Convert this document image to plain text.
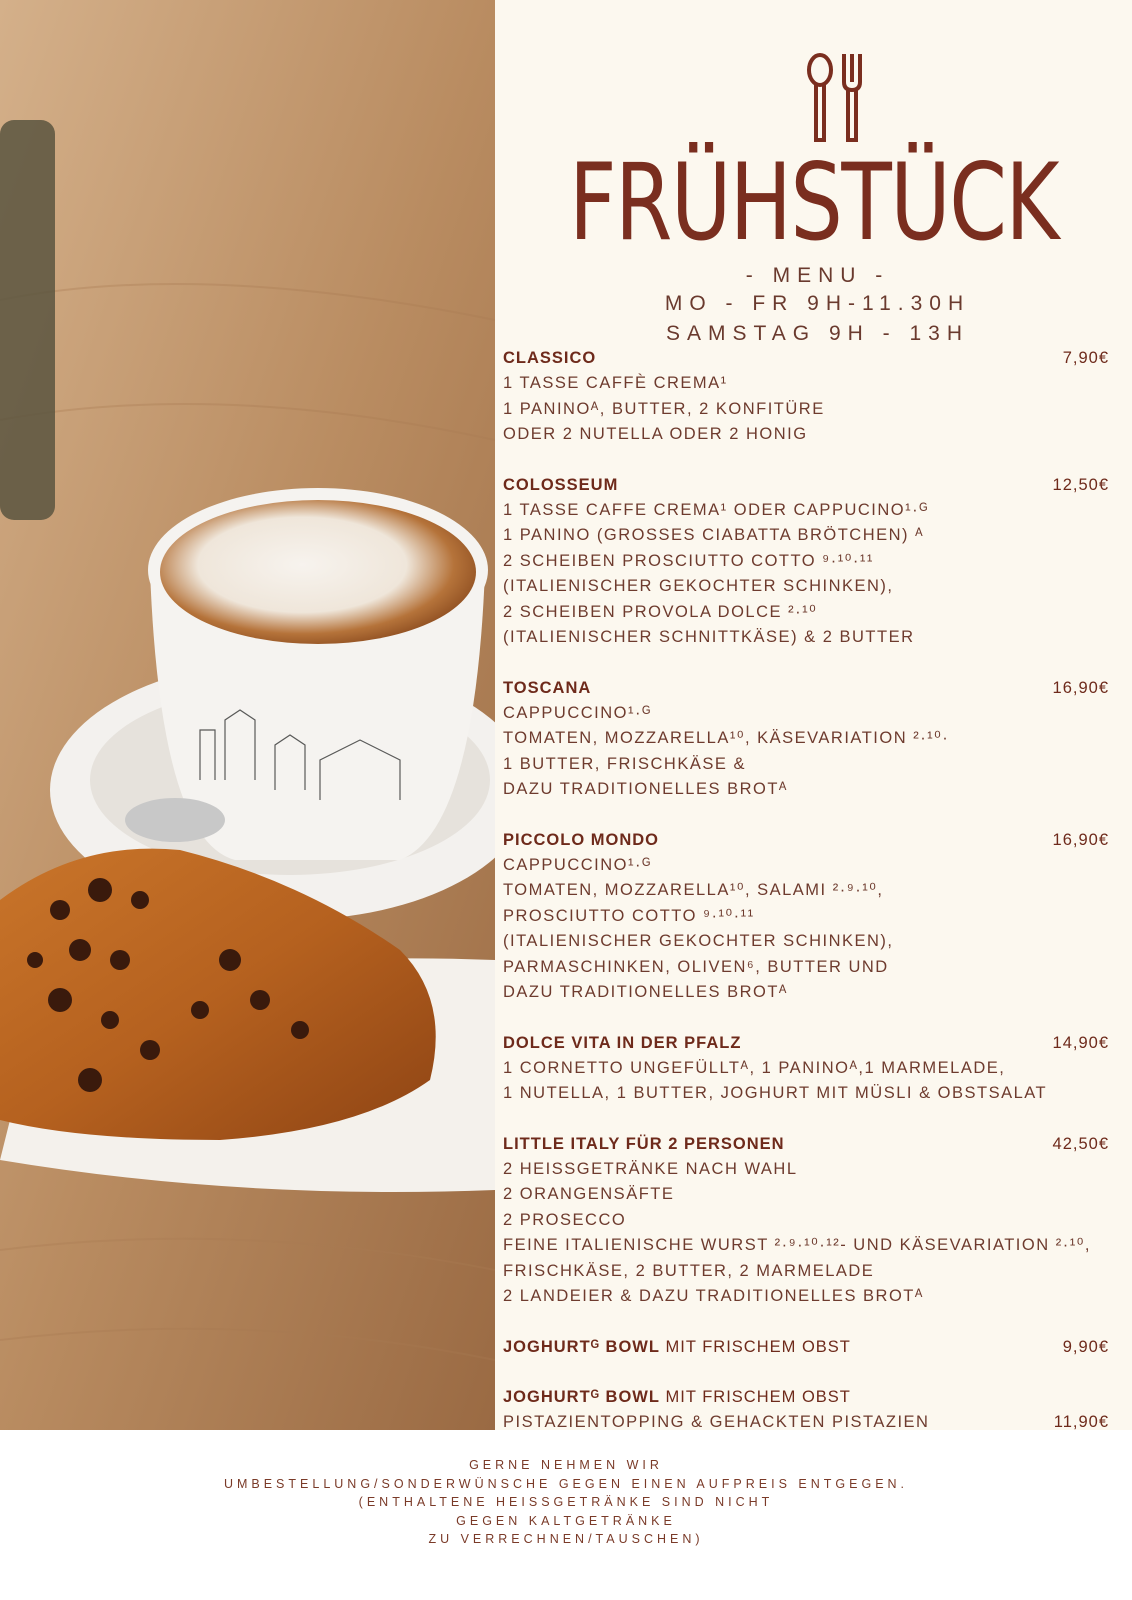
FRÜHSTÜCK
- MENU -
MO - FR 9H-11.30H
SAMSTAG 9H - 13H
CLASSICO	7,90€
1 TASSE CAFFÈ CREMA¹
1 PANINOᴬ, BUTTER, 2 KONFITÜRE
ODER 2 NUTELLA ODER 2 HONIG
COLOSSEUM	12,50€
1 TASSE CAFFE CREMA¹ ODER CAPPUCINO¹·ᴳ
1 PANINO (GROSSES CIABATTA BRÖTCHEN) ᴬ
2 SCHEIBEN PROSCIUTTO COTTO ⁹·¹⁰·¹¹
(ITALIENISCHER GEKOCHTER SCHINKEN),
2 SCHEIBEN PROVOLA DOLCE ²·¹⁰
(ITALIENISCHER SCHNITTKÄSE) & 2 BUTTER
TOSCANA	16,90€
CAPPUCCINO¹·ᴳ
TOMATEN, MOZZARELLA¹⁰, KÄSEVARIATION ²·¹⁰·
1 BUTTER, FRISCHKÄSE &
DAZU TRADITIONELLES BROTᴬ
PICCOLO MONDO	16,90€
CAPPUCCINO¹·ᴳ
TOMATEN, MOZZARELLA¹⁰, SALAMI ²·⁹·¹⁰,
PROSCIUTTO COTTO ⁹·¹⁰·¹¹
(ITALIENISCHER GEKOCHTER SCHINKEN),
PARMASCHINKEN, OLIVEN⁶, BUTTER UND
DAZU TRADITIONELLES BROTᴬ
DOLCE VITA IN DER PFALZ	14,90€
1 CORNETTO UNGEFÜLLTᴬ, 1 PANINOᴬ,1 MARMELADE,
1 NUTELLA, 1 BUTTER, JOGHURT MIT MÜSLI & OBSTSALAT
LITTLE ITALY FÜR 2 PERSONEN	42,50€
2 HEISSGETRÄNKE NACH WAHL
2 ORANGENSÄFTE
2 PROSECCO
FEINE ITALIENISCHE WURST ²·⁹·¹⁰·¹²- UND KÄSEVARIATION ²·¹⁰,
FRISCHKÄSE, 2 BUTTER, 2 MARMELADE
2 LANDEIER & DAZU TRADITIONELLES BROTᴬ
JOGHURTᴳ BOWL MIT FRISCHEM OBST	9,90€
JOGHURTᴳ BOWL MIT FRISCHEM OBST
PISTAZIENTOPPING & GEHACKTEN PISTAZIEN	11,90€
GERNE NEHMEN WIR
UMBESTELLUNG/SONDERWÜNSCHE GEGEN EINEN AUFPREIS ENTGEGEN.
(ENTHALTENE HEISSGETRÄNKE SIND NICHT
GEGEN KALTGETRÄNKE
ZU VERRECHNEN/TAUSCHEN)
